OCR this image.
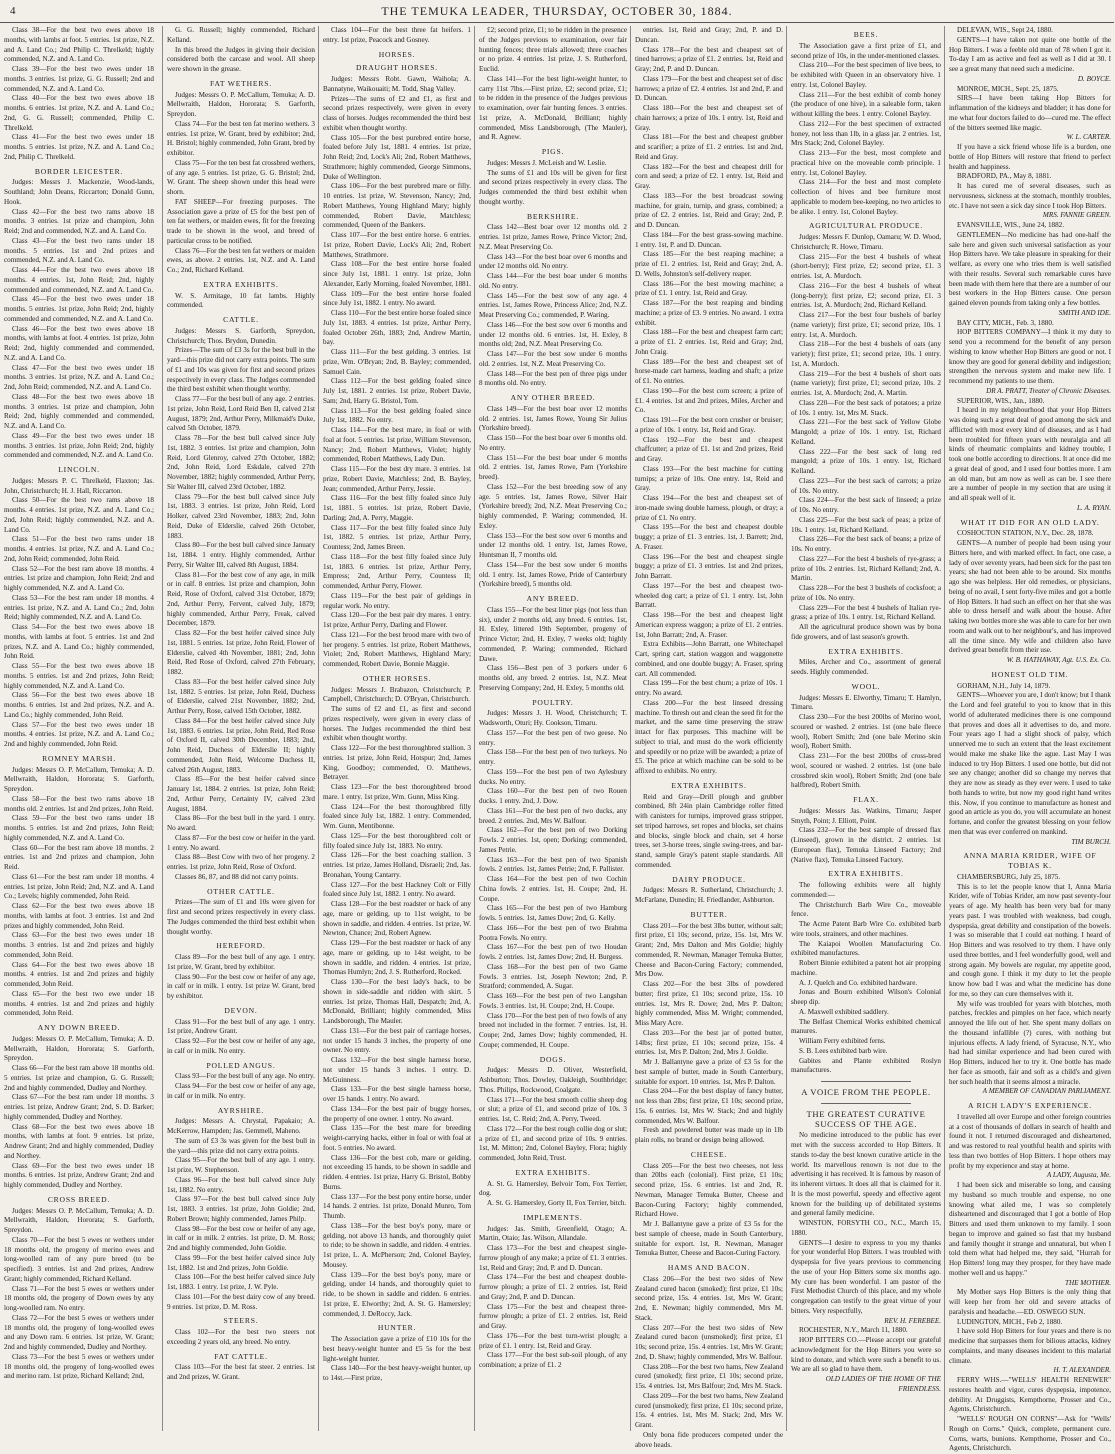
4	THE TEMUKA LEADER, THURSDAY, OCTOBER 30, 1884.

Class 38—For the best two ewes above 18 months, with lambs at foot. 5 entries. 1st prize, N.Z. and A. Land Co.; 2nd Philip C. Threlkeld; highly commended, N.Z. and A. Land Co.

Class 39—For the best two ewes under 18 months. 3 entries. 1st prize, G. G. Russell; 2nd and commended, N.Z. and A. Land Co.

Class 40—For the best two ewes above 18 months. 6 entries. 1st prize, N.Z. and A. Land Co.; 2nd, G. G. Russell; commended, Philip C. Threlkeld.

Class 41—For the best two ewes under 18 months. 5 entries. 1st prize, N.Z. and A. Land Co.; 2nd, Philip C. Threlkeld.

BORDER LEICESTER.

Judges: Messrs J. Mackenzie, Wood-lands, Southland; John Deans, Riccarton; Donald Gunn, Hook.

Class 42—For the best two rams above 18 months. 3 entries. 1st prize and champion, John Reid; 2nd and commended, N.Z. and A. Land Co.

Class 43—For the best two rams under 18 months. 5 entries. 1st and 2nd prizes and commended, N.Z. and A. Land Co.

Class 44—For the best two ewes above 18 months. 4 entries. 1st, John Reid; 2nd, highly commended and commended, N.Z. and A. Land Co.

Class 45—For the best two ewes under 18 months. 5 entries. 1st prize, John Reid; 2nd, highly commended and commended, N.Z. and A. Land Co.

Class 46—For the best two ewes above 18 months, with lambs at foot. 4 entries. 1st prize, John Reid; 2nd, highly commended and commended, N.Z. and A. Land Co.

Class 47—For the best two ewes under 18 months. 3 entries. 1st prize, N.Z. and A. Land Co.; 2nd, John Reid; commended, N.Z. and A. Land Co.

Class 48—For the best two ewes above 18 months. 3 entries. 1st prize and champion, John Reid; 2nd, highly commended and commended, N.Z. and A. Land Co.

Class 49—For the best two ewes under 18 months. 3 entries. 1st prize, John Reid; 2nd, highly commended and commended, N.Z. and A. Land Co.

LINCOLN.

Judges: Messrs P. C. Threlkeld, Flaxton; Jas. John, Christchurch; H. J. Hall, Riccarton.

Class 50—For the best two rams above 18 months. 4 entries. 1st prize, N.Z. and A. Land Co.; 2nd, John Reid; highly commended, N.Z. and A. Land Co.

Class 51—For the best two rams under 18 months. 4 entries. 1st prize, N.Z. and A. Land Co.; 2nd, John Reid; commended, John Reid.

Class 52—For the best ram above 18 months. 4 entries. 1st prize and champion, John Reid; 2nd and highly commended, N.Z. and A. Land Co.

Class 53—For the best ram under 18 months. 4 entries. 1st prize, N.Z. and A. Land Co.; 2nd, John Reid; highly commended, N.Z. and A. Land Co.

Class 54—For the best two ewes above 18 months, with lambs at foot. 5 entries. 1st and 2nd prizes, N.Z. and A. Land Co.; highly commended, John Reid.

Class 55—For the best two ewes above 18 months. 5 entries. 1st and 2nd prizes, John Reid; highly commended, N.Z. and A. Land Co.

Class 56—For the best two ewes above 18 months. 6 entries. 1st and 2nd prizes, N.Z. and A. Land Co.; highly commended, John Reid.

Class 57—For the best two ewes under 18 months. 4 entries. 1st prize, N.Z. and A. Land Co.; 2nd and highly commended, John Reid.

ROMNEY MARSH.

Judges: Messrs O. P. McCallum, Temuka; A. D. Mellwraith, Haldon, Hororata; S. Garforth, Spreydon.

Class 58—For the best two rams above 18 months old. 2 entries. 1st and 2nd prizes, John Reid.

Class 59—For the best two rams under 18 months. 5 entries. 1st and 2nd prizes, John Reid; highly commended, N.Z. and A. Land Co.

Class 60—For the best ram above 18 months. 2 entries. 1st and 2nd prizes and champion, John Reid.

Class 61—For the best ram under 18 months. 4 entries. 1st prize, John Reid; 2nd, N.Z. and A. Land Co.; Levels; highly commended, John Reid.

Class 62—For the best two ewes above 18 months, with lambs at foot. 3 entries. 1st and 2nd prizes and highly commended, John Reid.

Class 63—For the best two ewes under 18 months. 3 entries. 1st and 2nd prizes and highly commended, John Reid.

Class 64—For the best two ewes above 18 months. 4 entries. 1st and 2nd prizes and highly commended, John Reid.

Class 65—For the best two ewe under 18 months. 4 entries. 1st and 2nd prizes and highly commended, John Reid.

ANY DOWN BREED.

Judges: Messrs O. P. McCallum, Temuka; A. D. Mellwraith, Haldon, Hororata; S. Garforth, Spreydon.

Class 66—For the best ram above 18 months old. 5 entries. 1st prize and champion, G. G. Russell; 2nd and highly commended, Dudley and Northey.

Class 67—For the best ram under 18 months. 3 entries. 1st prize, Andrew Grant; 2nd, S. D. Barker; highly commended, Dudley and Northey.

Class 68—For the best two ewes above 18 months, with lambs at foot. 9 entries. 1st prize, Andrew Grant; 2nd and highly commended, Dudley and Northey.

Class 69—For the best two ewes under 18 months. 6 entries. 1st prize, Andrew Grant; 2nd and highly commended, Dudley and Northey.

CROSS BREED.

Judges: Messrs O. P. McCallum, Temuka; A. D. Mellwraith, Haldon, Hororata; S. Garforth, Spreydon.

Class 70—For the best 5 ewes or wethers under 18 months old, the progeny of merino ewes and long-woolled ram of any pure breed (to be specified). 3 entries. 1st and 2nd prizes, Andrew Grant; highly commended, Richard Kelland.

Class 71—For the best 5 ewes or wethers under 18 months old, the progeny of Down ewes by any long-woolled ram. No entry.

Class 72—For the best 5 ewes or wethers under 18 months old, the progeny of long-woolled ewes and any Down ram. 6 entries. 1st prize, W. Grant; 2nd and highly commended, Dudley and Northey.

Class 73—For the best 5 ewes or wethers under 18 months old, the progeny of long-woolled ewes and merino ram. 1st prize, Richard Kelland; 2nd,

G. G. Russell; highly commended, Richard Kelland.

In this breed the Judges in giving their decision considered both the carcase and wool. All sheep were shown in the grease.

FAT WETHERS.

Judges: Messrs O. P. McCallum, Temuka; A. D. Mellwraith, Haldon, Hororata; S. Garforth, Spreydon.

Class 74—For the best ten fat merino wethers. 3 entries. 1st prize, W. Grant, bred by exhibitor; 2nd, H. Bristol; highly commended, John Grant, bred by exhibitor.

Class 75—For the ten best fat crossbred wethers, of any age. 5 entries. 1st prize, G. G. Bristol; 2nd, W. Grant. The sheep shown under this head were shorn.

FAT SHEEP—For freezing purposes. The Association gave a prize of £5 for the best pen of ten fat wethers, or maiden ewes, fit for the freezing trade to be shown in the wool, and breed of particular cross to be notified.

Class 76—For the best ten fat wethers or maiden ewes, as above. 2 entries. 1st, N.Z. and A. Land Co.; 2nd, Richard Kelland.

EXTRA EXHIBITS.

W. S. Armitage, 10 fat lambs. Highly commended.

CATTLE.

Judges: Messrs S. Garforth, Spreydon, Christchurch; Thos. Brydon, Dunedin.

Prizes—The sum of £3 3s for the best bull in the yard—this prize did not carry extra points. The sum of £1 and 10s was given for first and second prizes respectively in every class. The Judges commended the third best exhibit when thought worthy.

Class 77—For the best bull of any age. 2 entries. 1st prize, John Reid, Lord Reid Ben II, calved 21st August, 1879; 2nd, Arthur Perry, Milkmaid's Duke, calved 5th October, 1879.

Class 78—For the best bull calved since July 1st, 1882. 3 entries. 1st prize and champion, John Reid, Lord Glenroy, calved 27th October, 1882; 2nd, John Reid, Lord Eskdale, calved 27th November, 1882; highly commended, Arthur Perry, Sir Walter III, calved 23rd October, 1882.

Class 79—For the best bull calved since July 1st, 1883. 3 entries. 1st prize, John Reid, Lord Holker, calved 23rd November, 1883; 2nd, John Reid, Duke of Elderslie, calved 26th October, 1883.

Class 80—For the best bull calved since January 1st, 1884. 1 entry. Highly commended, Arthur Perry, Sir Walter III, calved 8th August, 1884.

Class 81—For the best cow of any age, in milk or in calf. 8 entries. 1st prize and champion, John Reid, Rose of Oxford, calved 31st October, 1879; 2nd, Arthur Perry, Fervent, calved July, 1879; highly commended, Arthur Perry, Freak, calved December, 1879.

Class 82—For the best heifer calved since July 1st, 1881. 5 entries. 1st prize, John Reid, Flower of Elderslie, calved 4th November, 1881; 2nd, John Reid, Red Rose of Oxford, calved 27th February, 1882.

Class 83—For the best heifer calved since July 1st, 1882. 5 entries. 1st prize, John Reid, Duchess of Elderslie, calved 21st November, 1882; 2nd, Arthur Perry, Rose, calved 15th October, 1882.

Class 84—For the best heifer calved since July 1st, 1883. 6 entries. 1st prize, John Reid, Red Rose of Oxford II, calved 30th December, 1883; 2nd, John Reid, Duchess of Elderslie II; highly commended, John Reid, Welcome Duchess II, calved 26th August, 1883.

Class 85—For the best heifer calved since January 1st, 1884. 2 entries. 1st prize, John Reid; 2nd, Arthur Perry, Certainty IV, calved 23rd August, 1884.

Class 86—For the best bull in the yard. 1 entry. No award.

Class 87—For the best cow or heifer in the yard. 1 entry. No award.

Class 88—Best Cow with two of her progeny. 2 entries. 1st prize, John Reid, Rose of Oxford.

Classes 86, 87, and 88 did not carry points.

OTHER CATTLE.

Prizes—The sum of £1 and 10s were given for first and second prizes respectively in every class. The Judges commended the third best exhibit when thought worthy.

HEREFORD.

Class 89—For the best bull of any age. 1 entry. 1st prize, W. Grant, bred by exhibitor.

Class 90—For the best cow or heifer of any age, in calf or in milk. 1 entry. 1st prize W. Grant, bred by exhibitor.

DEVON.

Class 91—For the best bull of any age. 1 entry. 1st prize, Andrew Grant.

Class 92—For the best cow or heifer of any age, in calf or in milk. No entry.

POLLED ANGUS.

Class 93—For the best bull of any age. No entry.

Class 94—For the best cow or heifer of any age, in calf or in milk. No entry.

AYRSHIRE.

Judges: Messrs A. Chrystal, Papakaio; A. McKerrow, Hampden; Jas. Gemmell, Maheno.

The sum of £3 3s was given for the best bull in the yard—this prize did not carry extra points.

Class 95—For the best bull of any age. 1 entry. 1st prize, W. Stephenson.

Class 96—For the best bull calved since July 1st, 1882. No entry.

Class 97—For the best bull calved since July 1st, 1883. 3 entries. 1st prize, John Goldie; 2nd, Robert Brown; highly commended, James Philp.

Class 98—For the best cow or heifer of any age, in calf or in milk. 2 entries. 1st prize, D. M. Ross; 2nd and highly commended, John Goldie.

Class 99—For the best heifer calved since July 1st, 1882. 1st and 2nd prizes, John Goldie.

Class 100—For the best heifer calved since July 1st, 1883. 1 entry. 1st prize, J. W. Pyle.

Class 101—For the best dairy cow of any breed. 9 entries. 1st prize, D. M. Ross.

STEERS.

Class 102—For the best two steers not exceeding 2 years old, any breed. No entry.

FAT CATTLE.

Class 103—For the best fat steer. 2 entries. 1st and 2nd prizes, W. Grant.

Class 104—For the best three fat heifers. 1 entry. 1st prize, Peacock and Gosney.

HORSES.
DRAUGHT HORSES.

Judges: Messrs Robt. Gawn, Waihola; A. Bannatyne, Waikouaiti; M. Todd, Shag Valley.

Prizes—The sums of £2 and £1, as first and second prizes respectively, were given in every class of horses. Judges recommended the third best exhibit when thought worthy.

Class 105—For the best purebred entire horse, foaled before July 1st, 1881. 4 entries. 1st prize, John Reid; 2nd, Lock's Ali; 2nd, Robert Matthews, Strathmore; highly commended, George Simmons, Duke of Wellington.

Class 106—For the best purebred mare or filly. 10 entries. 1st prize, W. Stevenson, Nancy; 2nd, Robert Matthews, Young Highland Mary; highly commended, Robert Davie, Matchless; commended, Queen of the Bankers.

Class 107—For the best entire horse. 6 entries. 1st prize, Robert Davie, Lock's Ali; 2nd, Robert Matthews, Strathmore.

Class 108—For the best entire horse foaled since July 1st, 1881. 1 entry. 1st prize, John Alexander, Early Morning, foaled November, 1881.

Class 109—For the best entire horse foaled since July 1st, 1882. 1 entry. No award.

Class 110—For the best entire horse foaled since July 1st, 1883. 4 entries. 1st prize, Arthur Perry, foaled October 26th, 1883; 2nd, Andrew Martin, bay.

Class 111—For the best gelding. 3 entries. 1st prize, Wm. O'Bryan; 2nd, B. Bayley; commended, Samuel Cain.

Class 112—For the best gelding foaled since July 1st, 1881. 2 entries. 1st prize, Robert Davie, Sam; 2nd, Harry G. Bristol, Tom.

Class 113—For the best gelding foaled since July 1st, 1882. No entry.

Class 114—For the best mare, in foal or with foal at foot. 5 entries. 1st prize, William Stevenson, Nancy; 2nd, Robert Matthews, Violet; highly commended, Robert Matthews, Lady Dun.

Class 115—For the best dry mare. 3 entries. 1st prize, Robert Davie, Matchless; 2nd, B. Bayley, Jean; commended, Arthur Perry, Jessie.

Class 116—For the best filly foaled since July 1st, 1881. 5 entries. 1st prize, Robert Davie, Darling; 2nd, A. Perry, Maggie.

Class 117—For the best filly foaled since July 1st, 1882. 5 entries. 1st prize, Arthur Perry, Countess; 2nd, James Breen.

Class 118—For the best filly foaled since July 1st, 1883. 6 entries. 1st prize, Arthur Perry, Empress; 2nd, Arthur Perry, Countess II; commended, Arthur Perry, Flower.

Class 119—For the best pair of geldings in regular work. No entry.

Class 120—For the best pair dry mares. 1 entry. 1st prize, Arthur Perry, Darling and Flower.

Class 121—For the best brood mare with two of her progeny. 5 entries. 1st prize, Robert Matthews, Violet; 2nd, Robert Matthews, Highland Mary; commended, Robert Davie, Bonnie Maggie.

OTHER HORSES.

Judges: Messrs J. Brabazon, Christchurch; P. Campbell, Christchurch; D. O'Bryan, Christchurch.

The sums of £2 and £1, as first and second prizes respectively, were given in every class of horses. The Judges recommended the third best exhibit when thought worthy.

Class 122—For the best thoroughbred stallion. 3 entries. 1st prize, John Reid, Hotspur; 2nd, James King, Goodboy; commended, O. Matthews, Betrayer.

Class 123—For the best thoroughbred brood mare. 1 entry. 1st prize, Wm. Gunn, Miss King.

Class 124—For the best thoroughbred filly foaled since July 1st, 1882. 1 entry. Commended, Wm. Gunn, Mentibonne.

Class 125—For the best thoroughbred colt or filly foaled since July 1st, 1883. No entry.

Class 126—For the best coaching stallion. 3 entries. 1st prize, James Holland, Disraeli; 2nd, Jas. Bronahan, Young Cantarry.

Class 127—For the best Hackney Colt or Filly foaled since July 1st, 1882. 1 entry. No award.

Class 128—For the best roadster or hack of any age, mare or gelding, up to 11st weight, to be shown in saddle, and ridden. 4 entries. 1st prize, W. Newton, Chance; 2nd, Robert Agnew.

Class 129—For the best roadster or hack of any age, mare or gelding, up to 14st weight, to be shown in saddle, and ridden. 4 entries. 1st prize, Thomas Humlyn; 2nd, J. S. Rutherford, Rocked.

Class 130—For the best lady's hack, to be shown in side-saddle and ridden with skirt. 5 entries. 1st prize, Thomas Hall, Despatch; 2nd, A. McDonald, Brilliant; highly commended, Miss Landsborough, The Mauler.

Class 131—For the best pair of carriage horses, not under 15 hands 3 inches, the property of one owner. No entry.

Class 132—For the best single harness horse, not under 15 hands 3 inches. 1 entry. D. McGuinness.

Class 133—For the best single harness horse, over 15 hands. 1 entry. No award.

Class 134—For the best pair of buggy horses, the property of one owner. 1 entry. No award.

Class 135—For the best mare for breeding weight-carrying hacks, either in foal or with foal at foot. 5 entries. No award.

Class 136—For the best cob, mare or gelding, not exceeding 15 hands, to be shown in saddle and ridden. 4 entries. 1st prize, Harry G. Bristol, Bobby Burns.

Class 137—For the best pony entire horse, under 14 hands. 2 entries. 1st prize, Donald Munro, Tom Thumb.

Class 138—For the best boy's pony, mare or gelding, not above 13 hands, and thoroughly quiet to ride; to be shown in saddle, and ridden. 4 entries. 1st prize, L. A. McPherson; 2nd, Colonel Bayley, Mousey.

Class 139—For the best boy's pony, mare or gelding, under 14 hands, and thoroughly quiet to ride, to be shown in saddle and ridden. 6 entries. 1st prize, E. Elworthy; 2nd, A. St. G. Hamersley; commended, J. DeRoccy, Jack.

HUNTER.

The Association gave a prize of £10 10s for the best heavy-weight hunter and £5 5s for the best light-weight hunter.

Class 140—For the best heavy-weight hunter, up to 14st.—First prize,

£2; second prize, £1; to be ridden in the presence of the Judges previous to examination, over fair hunting fences; three trials allowed; three coaches or no prize. 4 entries. 1st prize, J. S. Rutherford, Euclid.

Class 141—For the best light-weight hunter, to carry 11st 7lbs.—First prize, £2; second prize, £1; to be ridden in the presence of the Judges previous to examination, over fair hunting fences. 3 entries. 1st prize, A. McDonald, Brilliant; highly commended, Miss Landsborough, (The Mauler), and R. Agnew.

PIGS.

Judges: Messrs J. McLeish and W. Leslie.

The sums of £1 and 10s will be given for first and second prizes respectively in every class. The Judges commended the third best exhibit when thought worthy.

BERKSHIRE.

Class 142—Best boar over 12 months old. 2 entries. 1st prize, James Rowe, Prince Victor; 2nd, N.Z. Meat Preserving Co.

Class 143—For the best boar over 6 months and under 12 months old. No entry.

Class 144—For the best boar under 6 months old. No entry.

Class 145—For the best sow of any age. 4 entries. 1st, James Rowe, Princess Alice; 2nd, N.Z. Meat Preserving Co.; commended, P. Waring.

Class 146—For the best sow over 6 months and under 12 months old. 6 entries. 1st, H. Exley, 8 months old; 2nd, N.Z. Meat Preserving Co.

Class 147—For the best sow under 6 months old. 2 entries. 1st, N.Z. Meat Preserving Co.

Class 148—For the best pen of three pigs under 8 months old. No entry.

ANY OTHER BREED.

Class 149—For the best boar over 12 months old. 2 entries. 1st, James Rowe, Young Sir Julius (Yorkshire breed).

Class 150—For the best boar over 6 months old. No entry.

Class 151—For the best boar under 6 months old. 2 entries. 1st, James Rowe, Pam (Yorkshire breed).

Class 152—For the best breeding sow of any age. 5 entries. 1st, James Rowe, Silver Hair (Yorkshire breed); 2nd, N.Z. Meat Preserving Co.; highly commended, P. Waring; commended, H. Exley.

Class 153—For the best sow over 6 months and under 12 months old. 1 entry. 1st, James Rowe, Huntsman II, 7 months old.

Class 154—For the best sow under 6 months old. 1 entry. 1st, James Rowe, Pride of Canterbury (Yorkshire breed), 5 months old.

ANY BREED.

Class 155—For the best litter pigs (not less than six), under 2 months old, any breed. 6 entries. 1st, H. Exley, littered 19th September, progeny of Prince Victor; 2nd, H. Exley, 7 weeks old; highly commended, P. Waring; commended, Richard Dawe.

Class 156—Best pen of 3 porkers under 6 months old, any breed. 2 entries. 1st, N.Z. Meat Preserving Company; 2nd, H. Exley, 5 months old.

POULTRY.

Judges: Messrs J. H. Wood, Christchurch; T. Wadsworth, Oturi; Hy. Cookson, Timaru.

Class 157—For the best pen of two geese. No entry.

Class 158—For the best pen of two turkeys. No entry.

Class 159—For the best pen of two Aylesbury ducks. No entry.

Class 160—For the best pen of two Rouen ducks. 1 entry. 2nd, J. Dow.

Class 161—For the best pen of two ducks, any breed. 2 entries. 2nd, Mrs W. Balfour.

Class 162—For the best pen of two Dorking Fowls. 2 entries. 1st, open; Dorking; commended, James Petrie.

Class 163—For the best pen of two Spanish fowls. 2 entries. 1st, James Petrie; 2nd, F. Pallister.

Class 164—For the best pen of two Cochin China fowls. 2 entries. 1st, H. Coupe; 2nd, H. Coupe.

Class 165—For the best pen of two Hamburg fowls. 5 entries. 1st, James Dow; 2nd, G. Kelly.

Class 166—For the best pen of two Brahma Pootra Fowls. No entry.

Class 167—For the best pen of two Houdan fowls. 2 entries. 1st, James Dow; 2nd, H. Burgess.

Class 168—For the best pen of two Game Fowls. 3 entries. 1st, Joseph Newton; 2nd, P. Stratford; commended, A. Sugar.

Class 169—For the best pen of two Langshan Fowls. 3 entries. 1st, H. Coupe; 2nd, H. Coupe.

Class 170—For the best pen of two fowls of any breed not included in the former. 7 entries. 1st, H. Coupe; 2nd, James Dow; highly commended, H. Coupe; commended, H. Coupe.

DOGS.

Judges: Messrs D. Oliver, Westerfield, Ashburton; Thos. Dowley, Oakleigh, Southbridge; Thos. Philips, Rockwood, Coalgate.

Class 171—For the best smooth collie sheep dog or slut; a prize of £1, and second prize of 10s. 3 entries. 1st, C. Reid; 2nd, A. Perry, Tweed.

Class 172—For the best rough collie dog or slut; a prize of £1, and second prize of 10s. 9 entries. 1st, M. Mitton; 2nd, Colonel Bayley, Flora; highly commended, John Reid, Trust.

EXTRA EXHIBITS.

A. St. G. Hamersley, Belvoir Tom, Fox Terrier, dog.

A. St. G. Hamersley, Gorty II, Fox Terrier, bitch.

IMPLEMENTS.

Judges: Jas. Smith, Greenfield, Otago; A. Martin, Otaio; Jas. Wilson, Allandale.

Class 173—For the best and cheapest single-furrow plough of any make; a prize of £1. 3 entries. 1st, Reid and Gray; 2nd, P. and D. Duncan.

Class 174—For the best and cheapest double-furrow plough; a prize of £1. 2 entries. 1st, Reid and Gray; 2nd, P. and D. Duncan.

Class 175—For the best and cheapest three-furrow plough; a prize of £1. 2 entries. 1st, Reid and Gray.

Class 176—For the best turn-wrist plough; a prize of £1. 1 entry. 1st, Reid and Gray.

Class 177—For the best sub-soil plough, of any combination; a prize of £1. 2

entries. 1st, Reid and Gray; 2nd, P. and D. Duncan.

Class 178—For the best and cheapest set of tined harrows; a prize of £1. 2 entries. 1st, Reid and Gray; 2nd, P. and D. Duncan.

Class 179—For the best and cheapest set of disc harrows; a prize of £2. 4 entries. 1st and 2nd, P. and D. Duncan.

Class 180—For the best and cheapest set of chain harrows; a prize of 10s. 1 entry. 1st, Reid and Gray.

Class 181—For the best and cheapest grubber and scarifier; a prize of £1. 2 entries. 1st and 2nd, Reid and Gray.

Class 182—For the best and cheapest drill for corn and seed; a prize of £2. 1 entry. 1st, Reid and Gray.

Class 183—For the best broadcast sowing machine, for grain, turnip, and grass, combined; a prize of £2. 2 entries. 1st, Reid and Gray; 2nd, P. and D. Duncan.

Class 184—For the best grass-sowing machine. 1 entry. 1st, P. and D. Duncan.

Class 185—For the best reaping machine; a prize of £1. 2 entries. 1st, Reid and Gray; 2nd, A. D. Wells, Johnston's self-delivery reaper.

Class 186—For the best mowing machine; a prize of £1. 1 entry. 1st, Reid and Gray.

Class 187—For the best reaping and binding machine; a prize of £3. 9 entries. No award. 1 extra exhibit.

Class 188—For the best and cheapest farm cart; a prize of £1. 2 entries. 1st, Reid and Gray; 2nd, John Craig.

Class 189—For the best and cheapest set of horse-made cart harness, leading and shaft; a prize of £1. No entries.

Class 190—For the best corn screen; a prize of £1. 4 entries. 1st and 2nd prizes, Miles, Archer and Co.

Class 191—For the best corn crusher or bruiser; a prize of 10s. 1 entry. 1st, Reid and Gray.

Class 192—For the best and cheapest chaffcutter; a prize of £1. 1st and 2nd prizes, Reid and Gray.

Class 193—For the best machine for cutting turnips; a prize of 10s. One entry. 1st, Reid and Gray.

Class 194—For the best and cheapest set of iron-made swing double harness, plough, or dray; a prize of £1. No entry.

Class 195—For the best and cheapest double buggy; a prize of £1. 3 entries. 1st, J. Barrett; 2nd, A. Fraser.

Class 196—For the best and cheapest single buggy; a prize of £1. 3 entries. 1st and 2nd prizes, John Barratt.

Class 197—For the best and cheapest two-wheeled dog cart; a prize of £1. 1 entry. 1st, John Barratt.

Class 198—For the best and cheapest light American express waggon; a prize of £1. 2 entries. 1st, John Barratt; 2nd, A. Fraser.

Extra Exhibits—John Barratt, one Whitechapel Cart, spring cart, station waggon and waggonette combined, and one double buggy; A. Fraser, spring cart. All commended.

Class 199—For the best churn; a prize of 10s. 1 entry. No award.

Class 200—For the best linseed dressing machine. To thresh out and clean the seed fit for the market, and the same time preserving the straw intact for flax purposes. This machine will be subject to trial, and must do the work efficiently and speedily or no prize will be awarded; a prize of £5. The price at which machine can be sold to be affixed to exhibits. No entry.

EXTRA EXHIBITS.

Reid and Gray—Drill plough and grubber combined, 8ft 24in plain Cambridge roller fitted with canisters for turnips, improved grass stripper, set tripod harrows, set ropes and blocks, set chains and blocks, single block and chain, set 4 horse trees, set 3-horse trees, single swing-trees, and bar-stand, sample Gray's patent staple standards. All commended.

DAIRY PRODUCE.

Judges: Messrs R. Sutherland, Christchurch; J. McFarlane, Dunedin; H. Friedlander, Ashburton.

BUTTER.

Class 201—For the best 3lbs butter, without salt; first prize, £1 10s; second, prize, 15s. 1st, Mrs W. Grant; 2nd, Mrs Dalton and Mrs Goldie; highly commended, R. Newman, Manager Temuka Butter, Cheese and Bacon-Curing Factory; commended, Mrs Dow.

Class 202—For the best 3lbs of powdered butter; first prize, £1 10s; second prize, 15s. 10 entries. 1st, Mrs R. Dowe; 2nd, Mrs P. Dalton; highly commended, Miss M. Wright; commended, Miss Mary Acre.

Class 203—For the best jar of potted butter, 14lbs; first prize, £1 10s; second prize, 15s. 4 entries. 1st, Mrs P. Dalton; 2nd, Mrs J. Goldie.

Mr J. Ballantyne gave a prize of £3 5s for the best sample of butter, made in South Canterbury, suitable for export. 10 entries. 1st, Mrs P. Dalton.

Class 204—For the best display of fancy butter, not less than 2lbs; first prize, £1 10s; second prize, 15s. 6 entries. 1st, Mrs W. Stack; 2nd and highly commended, Mrs W. Balfour.

Fresh and powdered butter was made up in 1lb plain rolls, no brand or design being allowed.

CHEESE.

Class 205—For the best two cheeses, not less than 20lbs each (colonial). First prize, £1 10s; second prize, 15s. 6 entries. 1st and 2nd, R. Newman, Manager Temuka Butter, Cheese and Bacon-Curing Factory; highly commended, Richard Howe.

Mr J. Ballantyne gave a prize of £3 5s for the best sample of cheese, made in South Canterbury, suitable for export. 1st, R. Newman, Manager Temuka Butter, Cheese and Bacon-Curing Factory.

HAMS AND BACON.

Class 206—For the best two sides of New Zealand cured bacon (smoked); first prize, £1 10s; second prize, 15s. 4 entries. 1st, Mrs W. Grant; 2nd, E. Newman; highly commended, Mrs M. Stack.

Class 207—For the best two sides of New Zealand cured bacon (unsmoked); first prize, £1 10s; second prize, 15s. 4 entries. 1st, Mrs W. Grant; 2nd, D. Shaw; highly commended, Mrs W. Balfour.

Class 208—For the best two hams, New Zealand cured (smoked); first prize, £1 10s; second prize, 15s. 4 entries. 1st, Mrs Balfour; 2nd, Mrs M. Stack.

Class 209—For the best two hams, New Zealand cured (unsmoked); first prize, £1 10s; second prize, 15s. 4 entries. 1st, Mrs M. Stack; 2nd, Mrs W. Grant.

Only bona fide producers competed under the above heads.

BEES.

The Association gave a first prize of £1, and second prize of 10s, in the under-mentioned classes.

Class 210—For the best specimen of live bees, to be exhibited with Queen in an observatory hive. 1 entry. 1st, Colonel Bayley.

Class 211—For the best exhibit of comb honey (the produce of one hive), in a saleable form, taken without killing the bees. 1 entry. Colonel Bayley.

Class 212—For the best specimen of extracted honey, not less than 1lb, in a glass jar. 2 entries. 1st, Mrs Stack; 2nd, Colonel Bayley.

Class 213—For the best, most complete and practical hive on the moveable comb principle. 1 entry. 1st, Colonel Bayley.

Class 214—For the best and most complete collection of hives and bee furniture most applicable to modern bee-keeping, no two articles to be alike. 1 entry. 1st, Colonel Bayley.

AGRICULTURAL PRODUCE.

Judges: Messrs F. Dunlop, Oamaru; W. D. Wood, Christchurch; R. Howe, Timaru.

Class 215—For the best 4 bushels of wheat (short-berry); First prize, £2; second prize, £1. 3 entries. 1st, A. Murdoch.

Class 216—For the best 4 bushels of wheat (long-berry); first prize, £2; second prize, £1. 3 entries. 1st, A. Murdoch; 2nd, Richard Kelland.

Class 217—For the best four bushels of barley (name variety); first prize, £1; second prize, 10s. 1 entry. 1st, A. Murdoch.

Class 218—For the best 4 bushels of oats (any variety); first prize, £1; second prize, 10s. 1 entry. 1st, A. Murdoch.

Class 219—For the best 4 bushels of short oats (name variety); first prize, £1; second prize, 10s. 2 entries. 1st, A. Murdoch; 2nd, A. Martin.

Class 220—For the best sack of potatoes; a prize of 10s. 1 entry. 1st, Mrs M. Stack.

Class 221—For the best sack of Yellow Globe Mangold; a prize of 10s. 1 entry. 1st, Richard Kelland.

Class 222—For the best sack of long red mangold; a prize of 10s. 1 entry. 1st, Richard Kelland.

Class 223—For the best sack of carrots; a prize of 10s. No entry.

Class 224—For the best sack of linseed; a prize of 10s. No entry.

Class 225—For the best sack of peas; a prize of 10s. 1 entry. 1st, Richard Kelland.

Class 226—For the best sack of beans; a prize of 10s. No entry.

Class 227—For the best 4 bushels of rye-grass; a prize of 10s. 2 entries. 1st, Richard Kelland; 2nd, A. Martin.

Class 228—For the best 3 bushels of cocksfoot; a prize of 10s. No entry.

Class 229—For the best 4 bushels of Italian rye-grass; a prize of 10s. 1 entry. 1st, Richard Kelland.

All the agricultural produce shown was by bona fide growers, and of last season's growth.

EXTRA EXHIBITS.

Miles, Archer and Co., assortment of general seeds. Highly commended.

WOOL.

Judges: Messrs E. Elworthy, Timaru; T. Hamlyn, Timaru.

Class 230—For the best 200lbs of Merino wool, scoured or washed. 2 entries. 1st (one bale fleece wool), Robert Smith; 2nd (one bale Merino skin wool), Robert Smith.

Class 231—For the best 200lbs of cross-bred wool, scoured or washed. 2 entries. 1st (one bale crossbred skin wool), Robert Smith; 2nd (one bale halfbred), Robert Smith.

FLAX.

Judges: Messrs Jas. Watkins, Timaru; Jasper Smyth, Point; J. Elliott, Point.

Class 232—For the best sample of dressed flax (Linseed), grown in the district. 2 entries. 1st (European flax), Temuka Linseed Factory; 2nd (Native flax), Temuka Linseed Factory.

EXTRA EXHIBITS.

The following exhibits were all highly commended:—

The Christchurch Barb Wire Co., moveable fence.

The Acme Patent Barb Wire Co. exhibited barb wire tools, strainers, and other machines.

The Kaiapoi Woollen Manufacturing Co. exhibited manufactures.

Robert Binnie exhibited a patent hot air propping machine.

A. J. Quelch and Co. exhibited hardware.

Jonas and Bourn exhibited Wilson's Colonial sheep dip.

A. Maxwell exhibited saddlery.

The Belfast Chemical Works exhibited chemical manures.

William Ferry exhibited ferns.

S. B. Lees exhibited barb wire.

Gabites and Plante exhibited Roslyn manufactures.

A VOICE FROM THE PEOPLE.
THE GREATEST CURATIVE SUCCESS OF THE AGE.

No medicine introduced to the public has ever met with the success accorded to Hop Bitters. It stands to-day the best known curative article in the world. Its marvellous renown is not due to the advertising it has received. It is famous by reason of its inherent virtues. It does all that is claimed for it. It is the most powerful, speedy and effective agent known for the building up of debilitated systems and general family medicine.

WINSTON, FORSYTH CO., N.C., March 15, 1880.

GENTS—I desire to express to you my thanks for your wonderful Hop Bitters. I was troubled with dyspepsia for five years previous to commencing the use of your Hop Bitters some six months ago. My cure has been wonderful. I am pastor of the First Methodist Church of this place, and my whole congregation can testify to the great virtue of your bitters. Very respectfully,

REV. H. FEREBEE.

ROCHESTER, N.Y., March 11, 1880.

HOP BITTERS CO.—Please accept our grateful acknowledgment for the Hop Bitters you were so kind to donate, and which were such a benefit to us. We are all so glad to have them.

OLD LADIES OF THE HOME OF THE FRIENDLESS.

DELEVAN, WIS., Sept 24, 1880.

GENTS—I have taken not quite one bottle of the Hop Bitters. I was a feeble old man of 78 when I got it. To-day I am as active and feel as well as I did at 30. I see a great many that need such a medicine.

D. BOYCE.

MONROE, MICH., Sept. 25, 1875.

SIRS—I have been taking Hop Bitters for inflammation of the kidneys and bladder; it has done for me what four doctors failed to do—cured me. The effect of the bitters seemed like magic.

W. L. CARTER.

If you have a sick friend whose life is a burden, one bottle of Hop Bitters will restore that friend to perfect health and happiness.

BRADFORD, PA., May 8, 1881.

It has cured me of several diseases, such as nervousness, sickness at the stomach, monthly troubles, etc. I have not seen a sick day since I took Hop Bitters.

MRS. FANNIE GREEN.

EVANSVILLE, WIS., June 24, 1882.

GENTLEMEN—No medicine has had one-half the sale here and given such universal satisfaction as your Hop Bitters have. We take pleasure in speaking for their welfare, as every one who tries them is well satisfied with their results. Several such remarkable cures have been made with them here that there are a number of our best workers in the Hop Bitters cause. One person gained eleven pounds from taking only a few bottles.

SMITH AND IDE.

BAY CITY, MICH., Feb. 3, 1880.

HOP BITTERS COMPANY—I think it my duty to send you a recommend for the benefit of any person wishing to know whether Hop Bitters are good or not. I know they are good for general debility and indigestion; strengthen the nervous system and make new life. I recommend my patients to use them.

DR A. PRATT, Treater of Chronic Diseases.

SUPERIOR, WIS., Jan., 1880.

I heard in my neighbourhood that your Hop Bitters was doing such a great deal of good among the sick and afflicted with most every kind of diseases, and as I had been troubled for fifteen years with neuralgia and all kinds of rheumatic complaints and kidney trouble, I took one bottle according to directions. It at once did me a great deal of good, and I used four bottles more. I am an old man, but am now as well as can be. I see there are a number of people in my section that are using it and all speak well of it.

L. A. RYAN.

WHAT IT DID FOR AN OLD LADY.

COSHOCTON STATION, N.Y., Dec. 28, 1878.

GENTS—A number of people had been using your Bitters here, and with marked effect. In fact, one case, a lady of over seventy years, had been sick for the past ten years; she had not been able to be around. Six months ago she was helpless. Her old remedies, or physicians, being of no avail, I sent forty-five miles and got a bottle of Hop Bitters. It had such an effect on her that she was able to dress herself and walk about the house. After taking two bottles more she was able to care for her own room and walk out to her neighbour's, and has improved all the time since. My wife and children also have derived great benefit from their use.

W. B. HATHAWAY, Agt. U.S. Ex. Co.

HONEST OLD TIM.

GORHAM, N.H., July 14, 1879.

GENTS—Whoever you are, I don't know; but I thank the Lord and feel grateful to you to know that in this world of adulterated medicines there is one compound that proves and does all it advertises to do, and more. Four years ago I had a slight shock of palsy, which unnerved me to such an extent that the least excitement would make me shake like the ague. Last May I was induced to try Hop Bitters. I used one bottle, but did not see any change; another did so change my nerves that they are now as steady as they ever were. I used to take both hands to write, but now my good right hand writes this. Now, if you continue to manufacture as honest and good an article as you do, you will accumulate an honest fortune, and confer the greatest blessing on your fellow men that was ever conferred on mankind.

TIM BURCH.

ANNA MARIA KRIDER, WIFE OF TOBIAS K.

CHAMBERSBURG, July 25, 1875.

This is to let the people know that I, Anna Maria Krider, wife of Tobias Krider, am now past seventy-four years of age. My health has been very bad for many years past. I was troubled with weakness, bad cough, dyspepsia, great debility and constipation of the bowels. I was so miserable that I could eat nothing. I heard of Hop Bitters and was resolved to try them. I have only used three bottles, and I feel wonderfully good, well and strong again. My bowels are regular, my appetite good, and cough gone. I think it my duty to let the people know how bad I was and what the medicine has done for me, so they can cure themselves with it.

My wife was troubled for years with blotches, moth patches, freckles and pimples on her face, which nearly annoyed the life out of her. She spent many dollars on the thousand infallible (?) cures, with nothing but injurious effects. A lady friend, of Syracuse, N.Y., who had had similar experience and had been cured with Hop Bitters, induced her to try it. One bottle has made her face as smooth, fair and soft as a child's and given her such health that it seems almost a miracle.

A MEMBER OF CANADIAN PARLIAMENT.

A RICH LADY'S EXPERIENCE.

I travelled all over Europe and other foreign countries at a cost of thousands of dollars in search of health and found it not. I returned discouraged and disheartened, and was restored to real youthful health and spirits with less than two bottles of Hop Bitters. I hope others may profit by my experience and stay at home.

A LADY, Augusta, Me.

I had been sick and miserable so long, and causing my husband so much trouble and expense, no one knowing what ailed me, I was so completely disheartened and discouraged that I got a bottle of Hop Bitters and used them unknown to my family. I soon began to improve and gained so fast that my husband and family thought it strange and unnatural, but when I told them what had helped me, they said, "Hurrah for Hop Bitters! long may they prosper, for they have made mother well and us happy."

THE MOTHER.

My Mother says Hop Bitters is the only thing that will keep her from her old and severe attacks of paralysis and headache.—ED. OSWEGO SUN.

LUDINGTON, MICH., Feb 2, 1880.

I have sold Hop Bitters for four years and there is no medicine that surpasses them for bilious attacks, kidney complaints, and many diseases incident to this malarial climate.

H. T. ALEXANDER.

FERRY WHS.—"WELLS' HEALTH RENEWER" restores health and vigor, cures dyspepsia, impotence, debility. At Druggists, Kempthorne, Prosser and Co., Agents, Christchurch.

"WELLS' ROUGH ON CORNS"—Ask for "Wells' Rough on Corns." Quick, complete, permanent cure. Corns, warts, bunions. Kempthorne, Prosser and Co., Agents, Christchurch.
